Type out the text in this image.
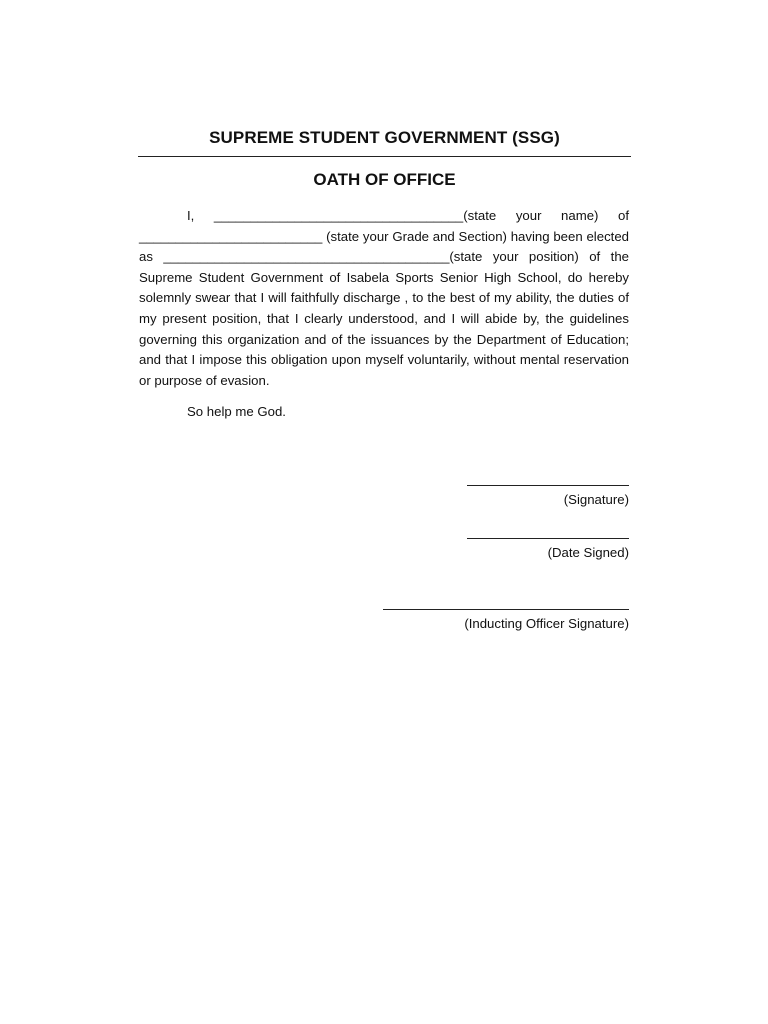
SUPREME STUDENT GOVERNMENT (SSG)
OATH OF OFFICE

I, __________________________________(state your name) of _________________________ (state your Grade and Section) having been elected as _______________________________________(state your position) of the Supreme Student Government of Isabela Sports Senior High School, do hereby solemnly swear that I will faithfully discharge , to the best of my ability, the duties of my present position, that I clearly understood, and I will abide by, the guidelines governing this organization and of the issuances by the Department of Education; and that I impose this obligation upon myself voluntarily, without mental reservation or purpose of evasion.

So help me God.
(Signature)
(Date Signed)
(Inducting Officer Signature)
